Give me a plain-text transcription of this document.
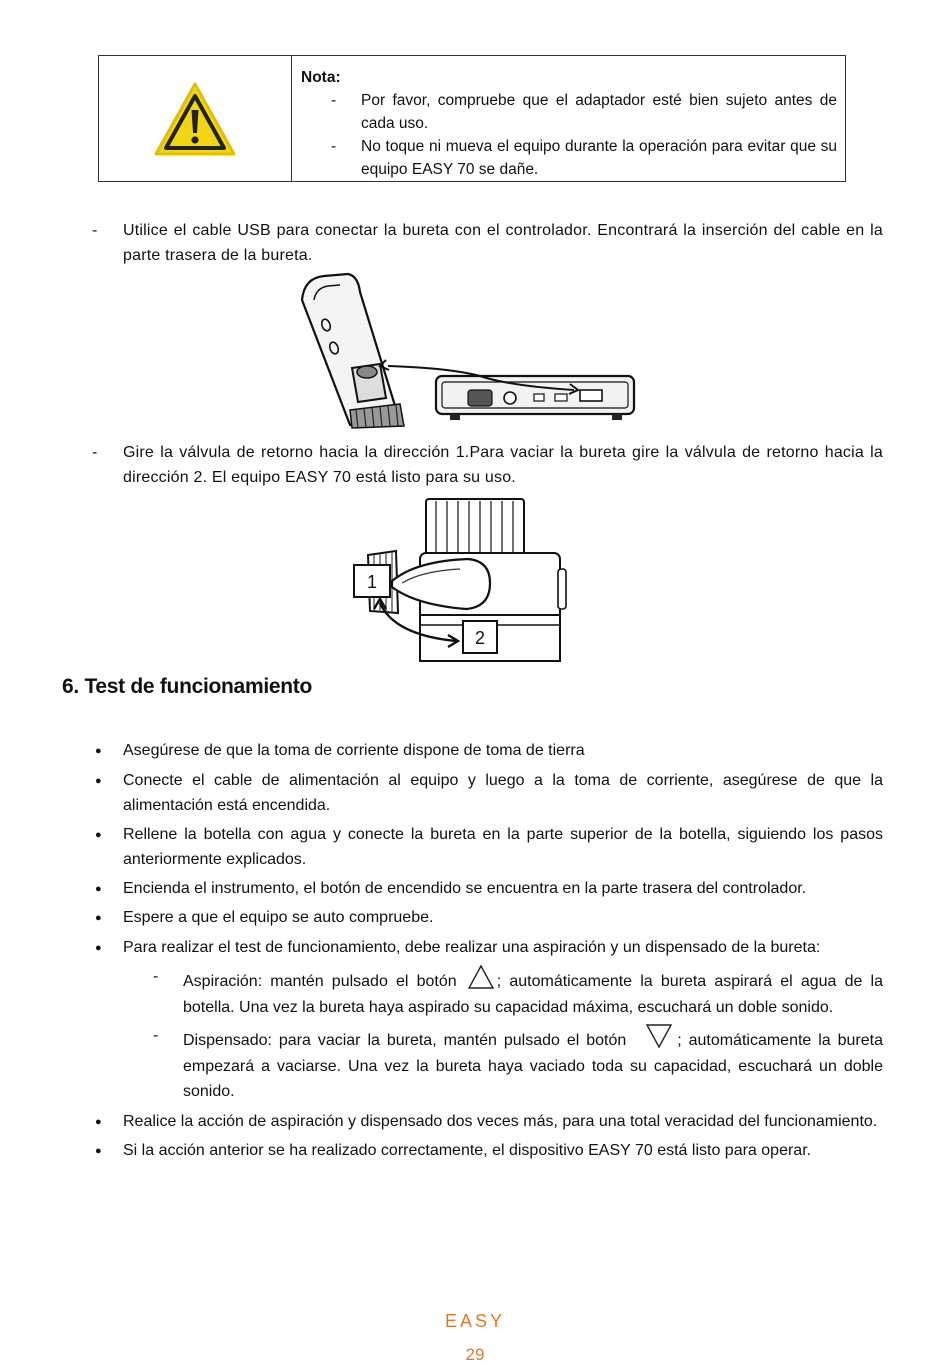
Nota:

-	Por favor, compruebe que el adaptador esté bien sujeto antes de cada uso.
-	No toque ni mueva el equipo durante la operación para evitar que su equipo EASY 70 se dañe.
-	Utilice el cable USB para conectar la bureta con el controlador. Encontrará la inserción del cable en la parte trasera de la bureta.
-	Gire la válvula de retorno hacia la dirección 1.Para vaciar la bureta gire la válvula de retorno hacia la dirección 2. El equipo EASY 70 está listo para su uso.
1
2
6. Test de funcionamiento
●	Asegúrese de que la toma de corriente dispone de toma de tierra
●	Conecte el cable de alimentación al equipo y luego a la toma de corriente, asegúrese de que la alimentación está encendida.
●	Rellene la botella con agua y conecte la bureta en la parte superior de la botella, siguiendo los pasos anteriormente explicados.
●	Encienda el instrumento, el botón de encendido se encuentra en la parte trasera del controlador.
●	Espere a que el equipo se auto compruebe.
●	Para realizar el test de funcionamiento, debe realizar una aspiración y un dispensado de la bureta:
-	Aspiración: mantén pulsado el botón	; automáticamente la bureta aspirará el agua de la botella. Una vez la bureta haya aspirado su capacidad máxima, escuchará un doble sonido.
-	Dispensado: para vaciar la bureta, mantén pulsado el botón	; automáticamente la bureta empezará a vaciarse. Una vez la bureta haya vaciado toda su capacidad, escuchará un doble sonido.
●	Realice la acción de aspiración y dispensado dos veces más, para una total veracidad del funcionamiento.
●	Si la acción anterior se ha realizado correctamente, el dispositivo EASY 70 está listo para operar.
EASY
29
